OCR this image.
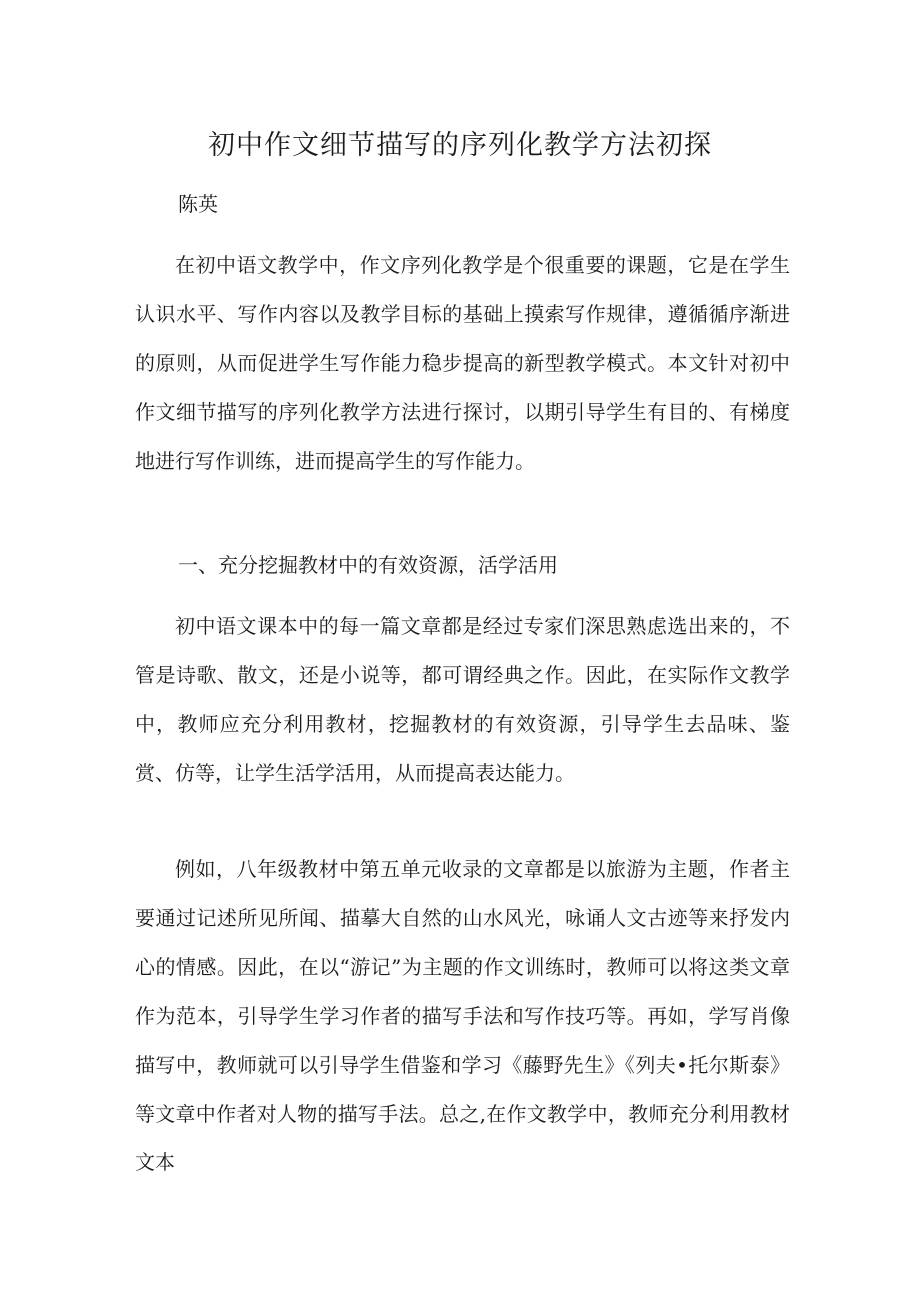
初中作文细节描写的序列化教学方法初探
陈英

在初中语文教学中，作文序列化教学是个很重要的课题，它是在学生认识水平、写作内容以及教学目标的基础上摸索写作规律，遵循循序渐进的原则，从而促进学生写作能力稳步提高的新型教学模式。本文针对初中作文细节描写的序列化教学方法进行探讨，以期引导学生有目的、有梯度地进行写作训练，进而提高学生的写作能力。

一、充分挖掘教材中的有效资源，活学活用

初中语文课本中的每一篇文章都是经过专家们深思熟虑选出来的，不管是诗歌、散文，还是小说等，都可谓经典之作。因此，在实际作文教学中，教师应充分利用教材，挖掘教材的有效资源，引导学生去品味、鉴赏、仿等，让学生活学活用，从而提高表达能力。

例如，八年级教材中第五单元收录的文章都是以旅游为主题，作者主要通过记述所见所闻、描摹大自然的山水风光，咏诵人文古迹等来抒发内心的情感。因此，在以“游记”为主题的作文训练时，教师可以将这类文章作为范本，引导学生学习作者的描写手法和写作技巧等。再如，学写肖像描写中，教师就可以引导学生借鉴和学习《藤野先生》《列夫•托尔斯泰》等文章中作者对人物的描写手法。总之,在作文教学中，教师充分利用教材文本
